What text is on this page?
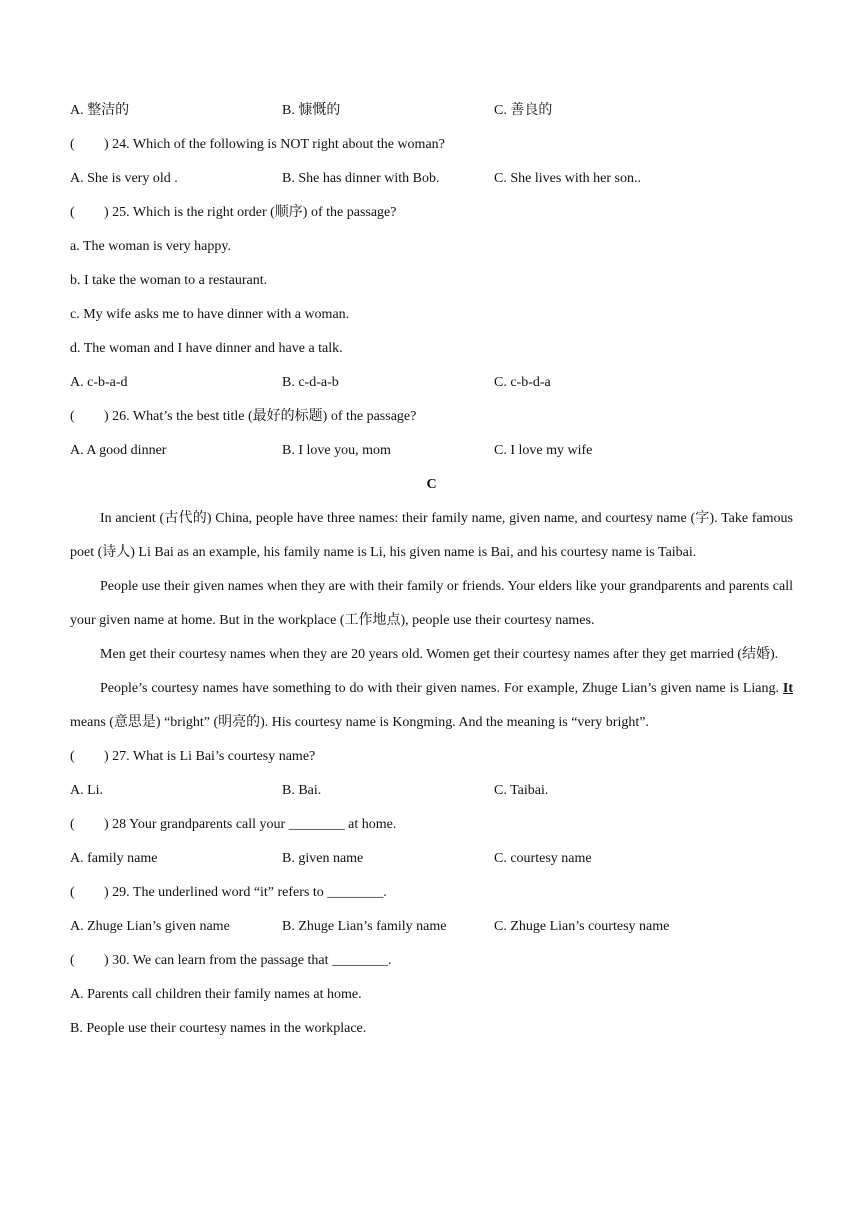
A. 整洁的	B. 慷慨的	C. 善良的
( ) 24. Which of the following is NOT right about the woman?
A. She is very old .	B. She has dinner with Bob.	C. She lives with her son..
( ) 25. Which is the right order (顺序) of the passage?
a. The woman is very happy.
b. I take the woman to a restaurant.
c. My wife asks me to have dinner with a woman.
d. The woman and I have dinner and have a talk.
A. c-b-a-d	B. c-d-a-b	C. c-b-d-a
( ) 26. What’s the best title (最好的标题) of the passage?
A. A good dinner	B. I love you, mom	C. I love my wife
C

In ancient (古代的) China, people have three names: their family name, given name, and courtesy name (字). Take famous poet (诗人) Li Bai as an example, his family name is Li, his given name is Bai, and his courtesy name is Taibai.

People use their given names when they are with their family or friends. Your elders like your grandparents and parents call your given name at home. But in the workplace (工作地点), people use their courtesy names.

Men get their courtesy names when they are 20 years old. Women get their courtesy names after they get married (结婚).

People’s courtesy names have something to do with their given names. For example, Zhuge Lian’s given name is Liang. It means (意思是) “bright” (明亮的). His courtesy name is Kongming. And the meaning is “very bright”.

( ) 27. What is Li Bai’s courtesy name?
A. Li.	B. Bai.	C. Taibai.
( ) 28 Your grandparents call your ________ at home.
A. family name	B. given name	C. courtesy name
( ) 29. The underlined word “it” refers to ________.
A. Zhuge Lian’s given name	B. Zhuge Lian’s family name	C. Zhuge Lian’s courtesy name
( ) 30. We can learn from the passage that ________.
A. Parents call children their family names at home.
B. People use their courtesy names in the workplace.
